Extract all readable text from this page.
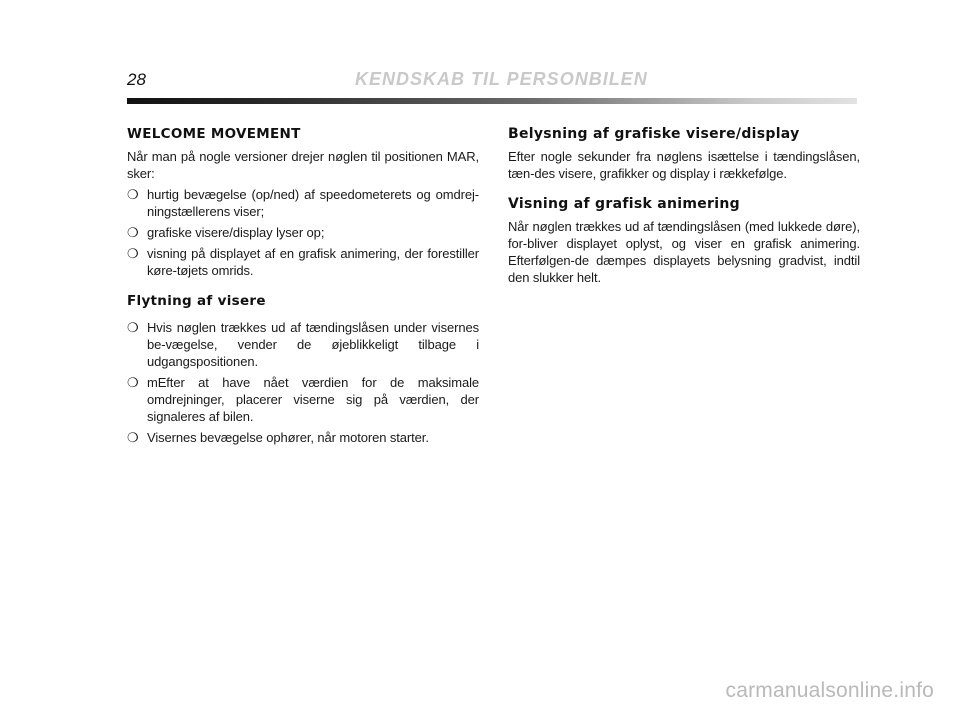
28	KENDSKAB TIL PERSONBILEN
WELCOME MOVEMENT

Når man på nogle versioner drejer nøglen til positionen MAR, sker:

❍ hurtig bevægelse (op/ned) af speedometerets og omdrej-ningstællerens viser;
❍ grafiske visere/display lyser op;
❍ visning på displayet af en grafisk animering, der forestiller køre-tøjets omrids.
Flytning af visere
❍ Hvis nøglen trækkes ud af tændingslåsen under visernes be-vægelse, vender de øjeblikkeligt tilbage i udgangspositionen.
❍ mEfter at have nået værdien for de maksimale omdrejninger, placerer viserne sig på værdien, der signaleres af bilen.
❍ Visernes bevægelse ophører, når motoren starter.
Belysning af grafiske visere/display

Efter nogle sekunder fra nøglens isættelse i tændingslåsen, tæn-des visere, grafikker og display i rækkefølge.

Visning af grafisk animering

Når nøglen trækkes ud af tændingslåsen (med lukkede døre), for-bliver displayet oplyst, og viser en grafisk animering. Efterfølgen-de dæmpes displayets belysning gradvist, indtil den slukker helt.

carmanualsonline.info
